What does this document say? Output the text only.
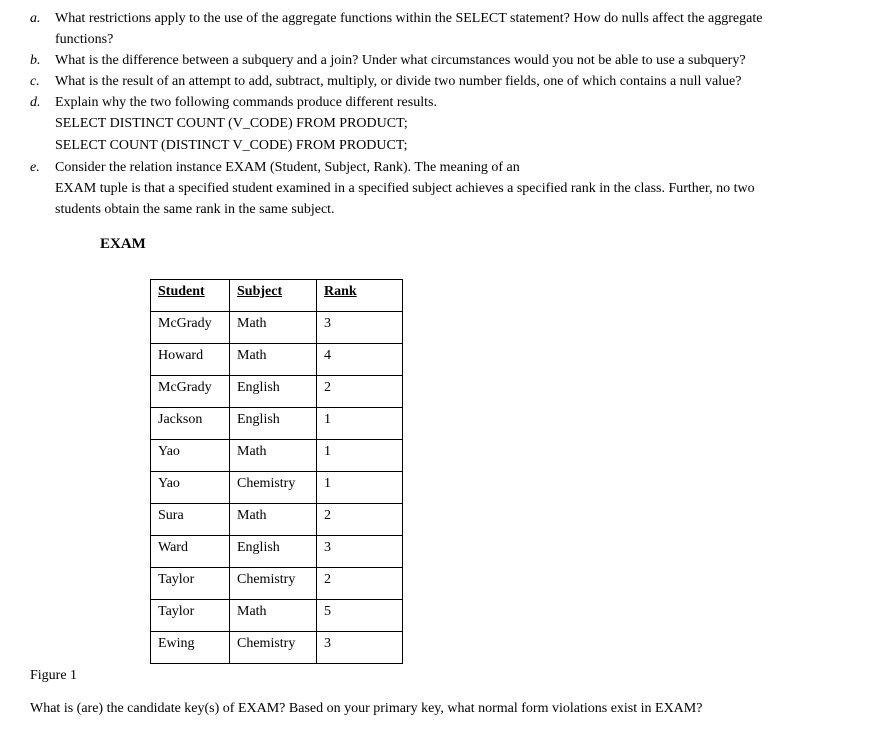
a.	What restrictions apply to the use of the aggregate functions within the SELECT statement? How do nulls affect the aggregate
functions?
b.	What is the difference between a subquery and a join? Under what circumstances would you not be able to use a subquery?
c.	What is the result of an attempt to add, subtract, multiply, or divide two number fields, one of which contains a null value?
d.	Explain why the two following commands produce different results.
SELECT DISTINCT COUNT (V_CODE) FROM PRODUCT;
SELECT COUNT (DISTINCT V_CODE) FROM PRODUCT;
e.	Consider the relation instance EXAM (Student, Subject, Rank). The meaning of an
EXAM tuple is that a specified student examined in a specified subject achieves a specified rank in the class. Further, no two
students obtain the same rank in the same subject.
EXAM
Student	Subject	Rank
McGrady	Math	3
Howard	Math	4
McGrady	English	2
Jackson	English	1
Yao	Math	1
Yao	Chemistry	1
Sura	Math	2
Ward	English	3
Taylor	Chemistry	2
Taylor	Math	5
Ewing	Chemistry	3
Figure 1
What is (are) the candidate key(s) of EXAM? Based on your primary key, what normal form violations exist in EXAM?
